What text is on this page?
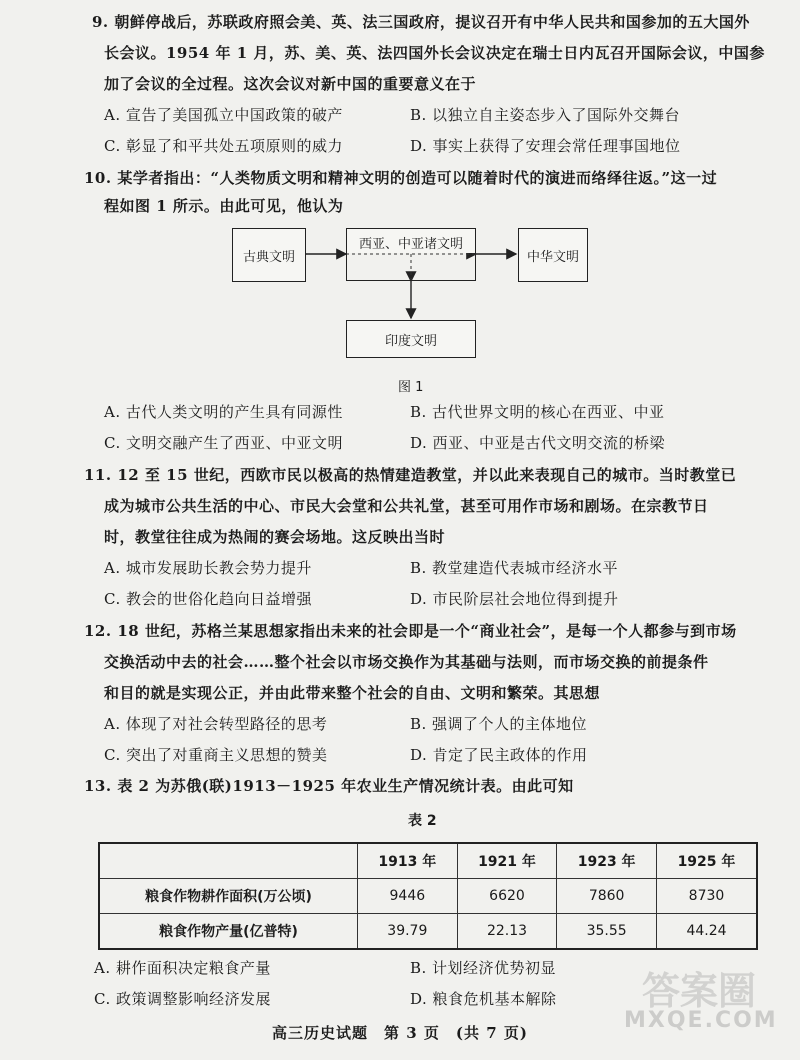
9. 朝鲜停战后，苏联政府照会美、英、法三国政府，提议召开有中华人民共和国参加的五大国外
长会议。1954 年 1 月，苏、美、英、法四国外长会议决定在瑞士日内瓦召开国际会议，中国参
加了会议的全过程。这次会议对新中国的重要意义在于
A. 宣告了美国孤立中国政策的破产	B. 以独立自主姿态步入了国际外交舞台
C. 彰显了和平共处五项原则的威力	D. 事实上获得了安理会常任理事国地位
10. 某学者指出：“人类物质文明和精神文明的创造可以随着时代的演进而络绎往返。”这一过
程如图 1 所示。由此可见，他认为
古典文明
西亚、中亚诸文明
中华文明
印度文明
图 1
A. 古代人类文明的产生具有同源性	B. 古代世界文明的核心在西亚、中亚
C. 文明交融产生了西亚、中亚文明	D. 西亚、中亚是古代文明交流的桥梁
11. 12 至 15 世纪，西欧市民以极高的热情建造教堂，并以此来表现自己的城市。当时教堂已
成为城市公共生活的中心、市民大会堂和公共礼堂，甚至可用作市场和剧场。在宗教节日
时，教堂往往成为热闹的赛会场地。这反映出当时
A. 城市发展助长教会势力提升	B. 教堂建造代表城市经济水平
C. 教会的世俗化趋向日益增强	D. 市民阶层社会地位得到提升
12. 18 世纪，苏格兰某思想家指出未来的社会即是一个“商业社会”，是每一个人都参与到市场
交换活动中去的社会……整个社会以市场交换作为其基础与法则，而市场交换的前提条件
和目的就是实现公正，并由此带来整个社会的自由、文明和繁荣。其思想
A. 体现了对社会转型路径的思考	B. 强调了个人的主体地位
C. 突出了对重商主义思想的赞美	D. 肯定了民主政体的作用
13. 表 2 为苏俄(联)1913－1925 年农业生产情况统计表。由此可知
表 2
	1913 年	1921 年	1923 年	1925 年
粮食作物耕作面积(万公顷)	9446	6620	7860	8730
粮食作物产量(亿普特)	39.79	22.13	35.55	44.24
A. 耕作面积决定粮食产量	B. 计划经济优势初显
C. 政策调整影响经济发展	D. 粮食危机基本解除
高三历史试题　第 3 页　(共 7 页)
答案圈
MXQE.COM
